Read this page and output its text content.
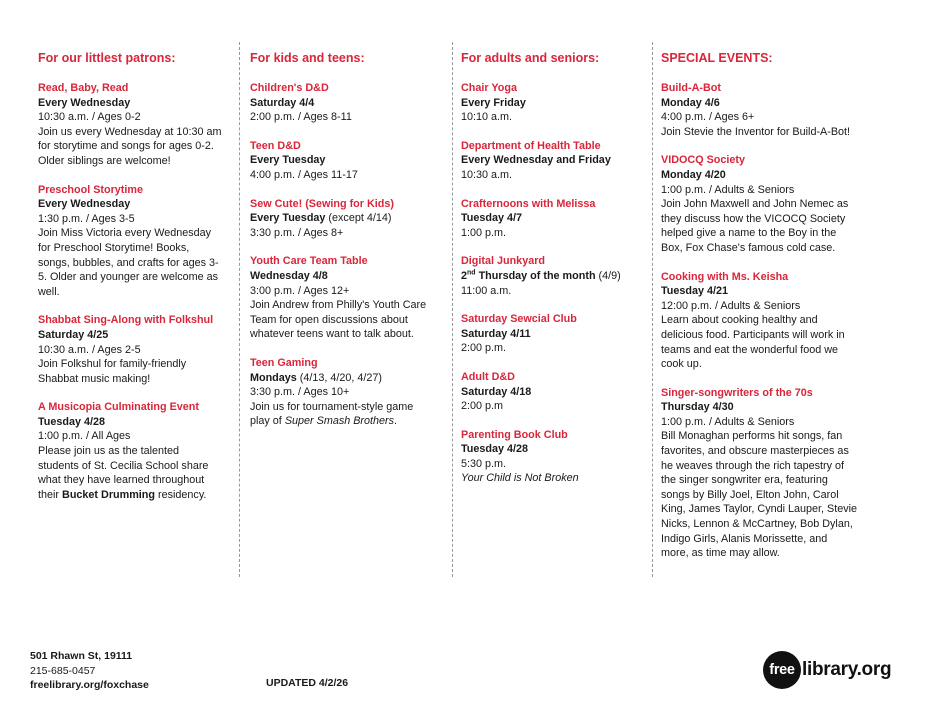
For our littlest patrons:
Read, Baby, Read
Every Wednesday
10:30 a.m. / Ages 0-2
Join us every Wednesday at 10:30 am
for storytime and songs for ages 0-2.
Older siblings are welcome!
Preschool Storytime
Every Wednesday
1:30 p.m. / Ages 3-5
Join Miss Victoria every Wednesday
for Preschool Storytime! Books,
songs, bubbles, and crafts for ages 3-
5. Older and younger are welcome as
well.
Shabbat Sing-Along with Folkshul
Saturday 4/25
10:30 a.m. / Ages 2-5
Join Folkshul for family-friendly
Shabbat music making!
A Musicopia Culminating Event
Tuesday 4/28
1:00 p.m. / All Ages
Please join us as the talented
students of St. Cecilia School share
what they have learned throughout
their Bucket Drumming residency.
For kids and teens:
Children's D&D
Saturday 4/4
2:00 p.m. / Ages 8-11
Teen D&D
Every Tuesday
4:00 p.m. / Ages 11-17
Sew Cute! (Sewing for Kids)
Every Tuesday (except 4/14)
3:30 p.m. / Ages 8+
Youth Care Team Table
Wednesday 4/8
3:00 p.m. / Ages 12+
Join Andrew from Philly's Youth Care
Team for open discussions about
whatever teens want to talk about.
Teen Gaming
Mondays (4/13, 4/20, 4/27)
3:30 p.m. / Ages 10+
Join us for tournament-style game
play of Super Smash Brothers.
For adults and seniors:
Chair Yoga
Every Friday
10:10 a.m.
Department of Health Table
Every Wednesday and Friday
10:30 a.m.
Crafternoons with Melissa
Tuesday 4/7
1:00 p.m.
Digital Junkyard
2nd Thursday of the month (4/9)
11:00 a.m.
Saturday Sewcial Club
Saturday 4/11
2:00 p.m.
Adult D&D
Saturday 4/18
2:00 p.m
Parenting Book Club
Tuesday 4/28
5:30 p.m.
Your Child is Not Broken
SPECIAL EVENTS:
Build-A-Bot
Monday 4/6
4:00 p.m. / Ages 6+
Join Stevie the Inventor for Build-A-Bot!
VIDOCQ Society
Monday 4/20
1:00 p.m. / Adults & Seniors
Join John Maxwell and John Nemec as
they discuss how the VICOCQ Society
helped give a name to the Boy in the
Box, Fox Chase's famous cold case.
Cooking with Ms. Keisha
Tuesday 4/21
12:00 p.m. / Adults & Seniors
Learn about cooking healthy and
delicious food. Participants will work in
teams and eat the wonderful food we
cook up.
Singer-songwriters of the 70s
Thursday 4/30
1:00 p.m. / Adults & Seniors
Bill Monaghan performs hit songs, fan
favorites, and obscure masterpieces as
he weaves through the rich tapestry of
the singer songwriter era, featuring
songs by Billy Joel, Elton John, Carol
King, James Taylor, Cyndi Lauper, Stevie
Nicks, Lennon & McCartney, Bob Dylan,
Indigo Girls, Alanis Morissette, and
more, as time may allow.
501 Rhawn St, 19111
215-685-0457
freelibrary.org/foxchase	UPDATED 4/2/26
free library.org
